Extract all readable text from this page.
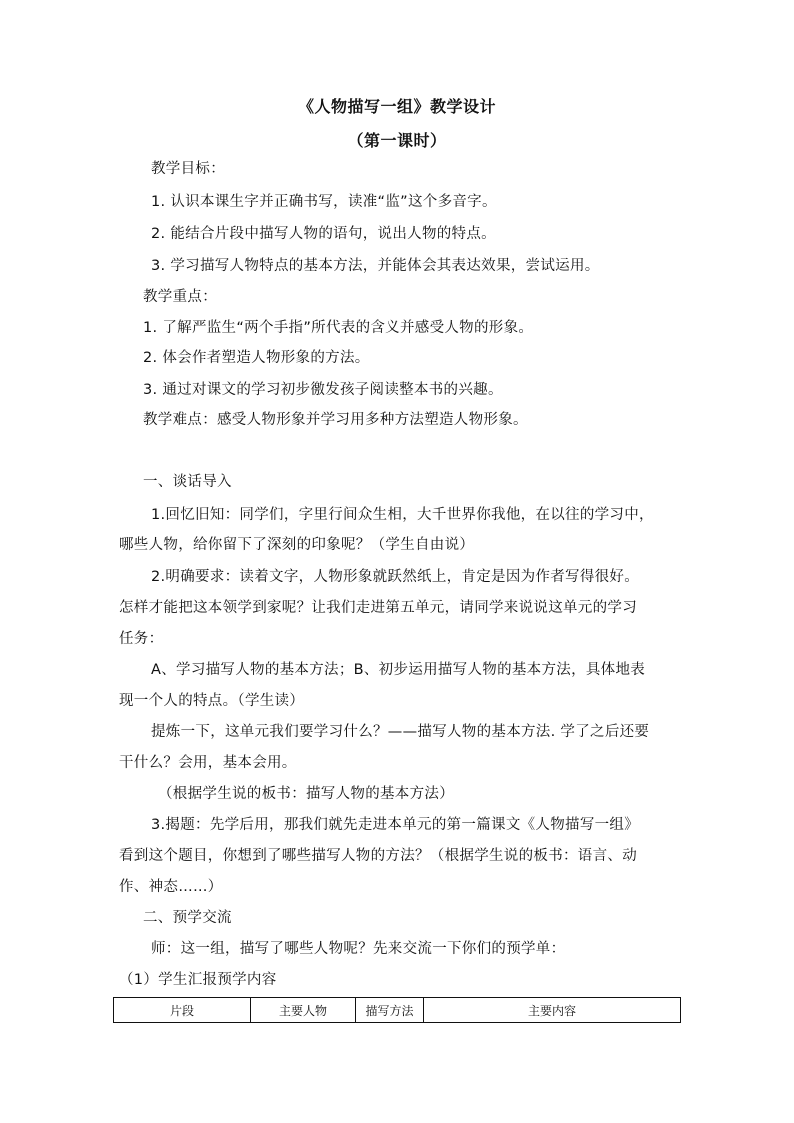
《人物描写一组》教学设计
（第一课时）
教学目标：
1. 认识本课生字并正确书写，读准“监”这个多音字。
2. 能结合片段中描写人物的语句，说出人物的特点。
3. 学习描写人物特点的基本方法，并能体会其表达效果，尝试运用。
教学重点：
1. 了解严监生“两个手指”所代表的含义并感受人物的形象。
2. 体会作者塑造人物形象的方法。
3. 通过对课文的学习初步徼发孩子阅读整本书的兴趣。
教学难点：感受人物形象并学习用多种方法塑造人物形象。
一、谈话导入
1.回忆旧知：同学们，字里行间众生相，大千世界你我他，在以往的学习中，
哪些人物，给你留下了深刻的印象呢？（学生自由说）
2.明确要求：读着文字，人物形象就跃然纸上，肯定是因为作者写得很好。
怎样才能把这本领学到家呢？让我们走进第五单元，请同学来说说这单元的学习
任务：
A、学习描写人物的基本方法；B、初步运用描写人物的基本方法，具体地表
现一个人的特点。（学生读）
提炼一下，这单元我们要学习什么？——描写人物的基本方法. 学了之后还要
干什么？会用，基本会用。
（根据学生说的板书：描写人物的基本方法）
3.揭题：先学后用，那我们就先走进本单元的第一篇课文《人物描写一组》
看到这个题目，你想到了哪些描写人物的方法？（根据学生说的板书：语言、动
作、神态……）
二、预学交流
师：这一组，描写了哪些人物呢？先来交流一下你们的预学单：
（1）学生汇报预学内容
片段	主要人物	描写方法	主要内容
